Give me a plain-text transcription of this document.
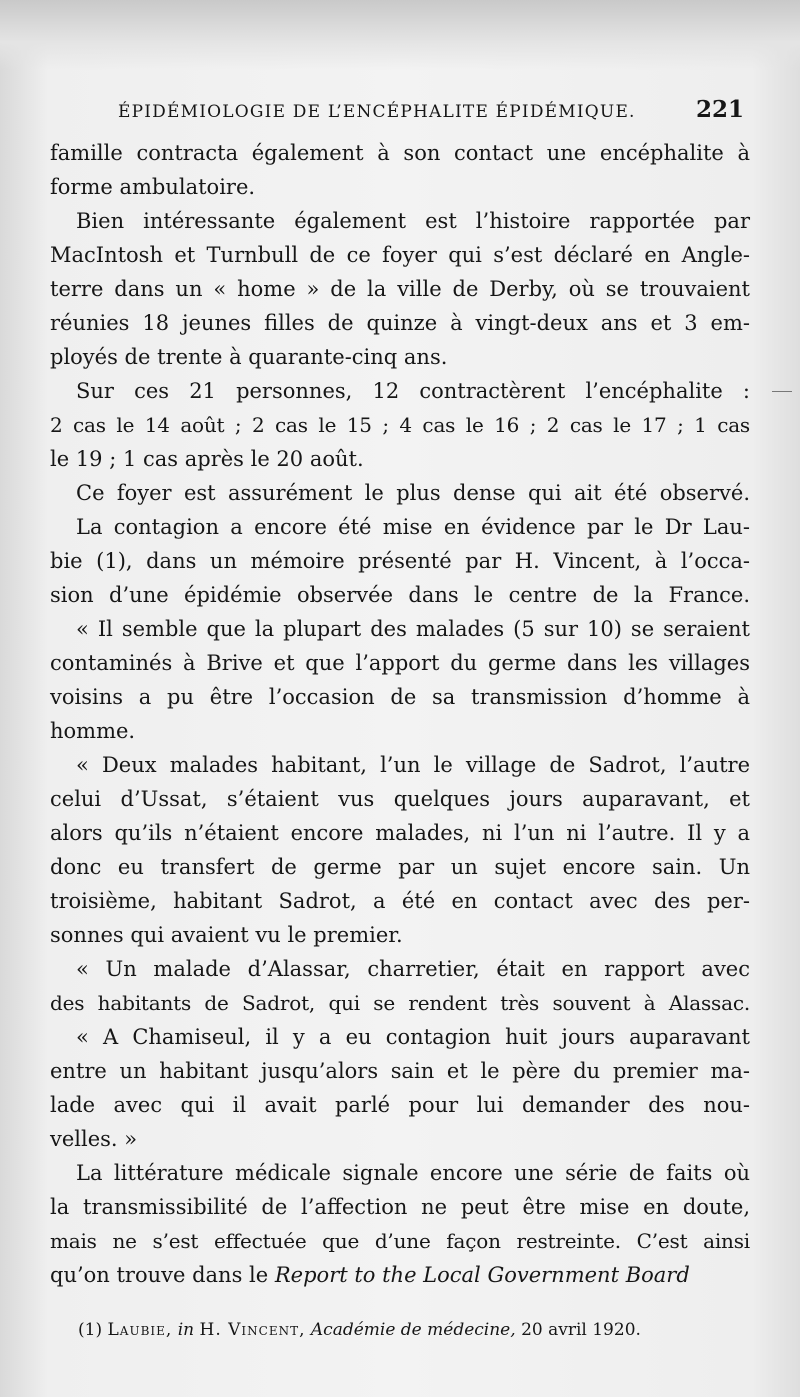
ÉPIDÉMIOLOGIE DE L’ENCÉPHALITE ÉPIDÉMIQUE.	221
famille contracta également à son contact une encéphalite à
forme ambulatoire.
Bien intéressante également est l’histoire rapportée par
MacIntosh et Turnbull de ce foyer qui s’est déclaré en Angle-
terre dans un « home » de la ville de Derby, où se trouvaient
réunies 18 jeunes filles de quinze à vingt-deux ans et 3 em-
ployés de trente à quarante-cinq ans.
Sur ces 21 personnes, 12 contractèrent l’encéphalite :
2 cas le 14 août ; 2 cas le 15 ; 4 cas le 16 ; 2 cas le 17 ; 1 cas
le 19 ; 1 cas après le 20 août.
Ce foyer est assurément le plus dense qui ait été observé.
La contagion a encore été mise en évidence par le Dr Lau-
bie (1), dans un mémoire présenté par H. Vincent, à l’occa-
sion d’une épidémie observée dans le centre de la France.
« Il semble que la plupart des malades (5 sur 10) se seraient
contaminés à Brive et que l’apport du germe dans les villages
voisins a pu être l’occasion de sa transmission d’homme à
homme.
« Deux malades habitant, l’un le village de Sadrot, l’autre
celui d’Ussat, s’étaient vus quelques jours auparavant, et
alors qu’ils n’étaient encore malades, ni l’un ni l’autre. Il y a
donc eu transfert de germe par un sujet encore sain. Un
troisième, habitant Sadrot, a été en contact avec des per-
sonnes qui avaient vu le premier.
« Un malade d’Alassar, charretier, était en rapport avec
des habitants de Sadrot, qui se rendent très souvent à Alassac.
« A Chamiseul, il y a eu contagion huit jours auparavant
entre un habitant jusqu’alors sain et le père du premier ma-
lade avec qui il avait parlé pour lui demander des nou-
velles. »
La littérature médicale signale encore une série de faits où
la transmissibilité de l’affection ne peut être mise en doute,
mais ne s’est effectuée que d’une façon restreinte. C’est ainsi
qu’on trouve dans le Report to the Local Government Board
(1) Laubie, in H. Vincent, Académie de médecine, 20 avril 1920.
